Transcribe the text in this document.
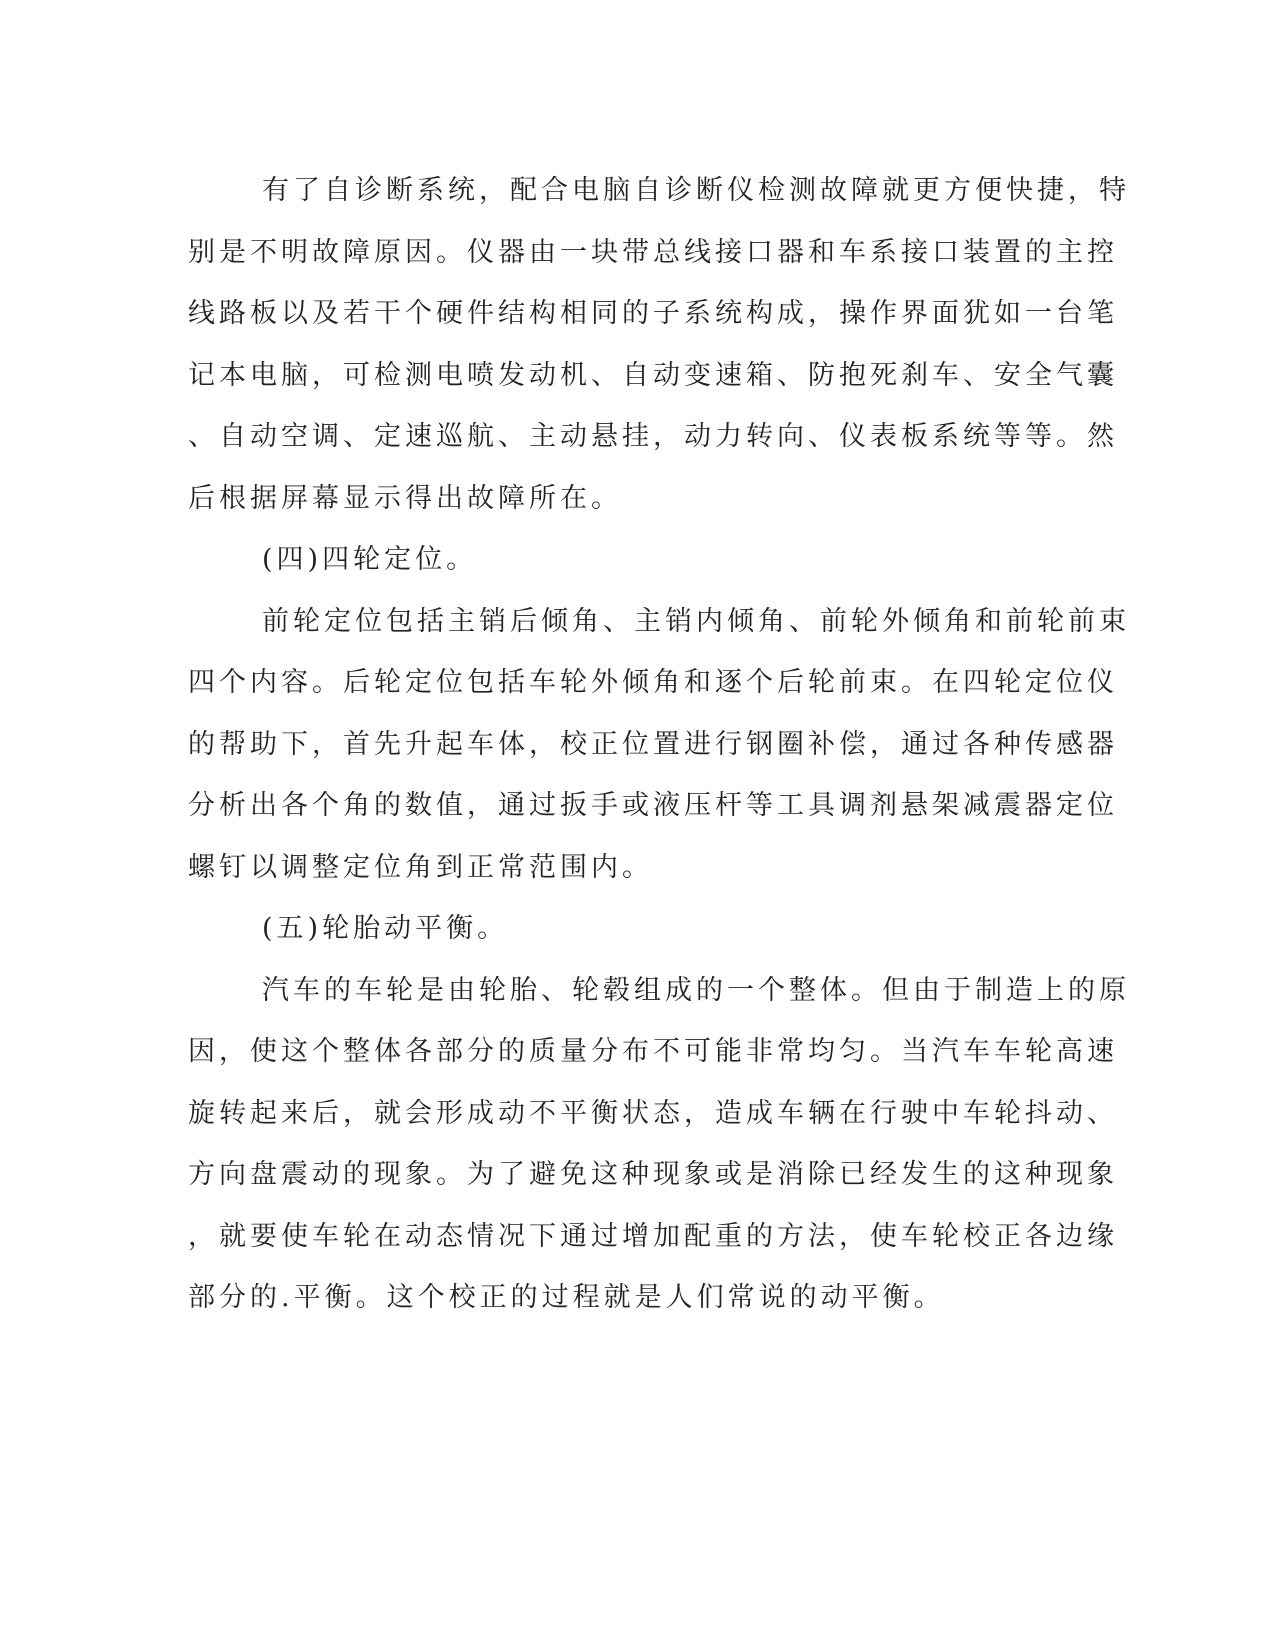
有了自诊断系统，配合电脑自诊断仪检测故障就更方便快捷，特
别是不明故障原因。仪器由一块带总线接口器和车系接口装置的主控
线路板以及若干个硬件结构相同的子系统构成，操作界面犹如一台笔
记本电脑，可检测电喷发动机、自动变速箱、防抱死刹车、安全气囊
、自动空调、定速巡航、主动悬挂，动力转向、仪表板系统等等。然
后根据屏幕显示得出故障所在。
(四)四轮定位。
前轮定位包括主销后倾角、主销内倾角、前轮外倾角和前轮前束
四个内容。后轮定位包括车轮外倾角和逐个后轮前束。在四轮定位仪
的帮助下，首先升起车体，校正位置进行钢圈补偿，通过各种传感器
分析出各个角的数值，通过扳手或液压杆等工具调剂悬架减震器定位
螺钉以调整定位角到正常范围内。
(五)轮胎动平衡。
汽车的车轮是由轮胎、轮毂组成的一个整体。但由于制造上的原
因，使这个整体各部分的质量分布不可能非常均匀。当汽车车轮高速
旋转起来后，就会形成动不平衡状态，造成车辆在行驶中车轮抖动、
方向盘震动的现象。为了避免这种现象或是消除已经发生的这种现象
，就要使车轮在动态情况下通过增加配重的方法，使车轮校正各边缘
部分的.平衡。这个校正的过程就是人们常说的动平衡。
